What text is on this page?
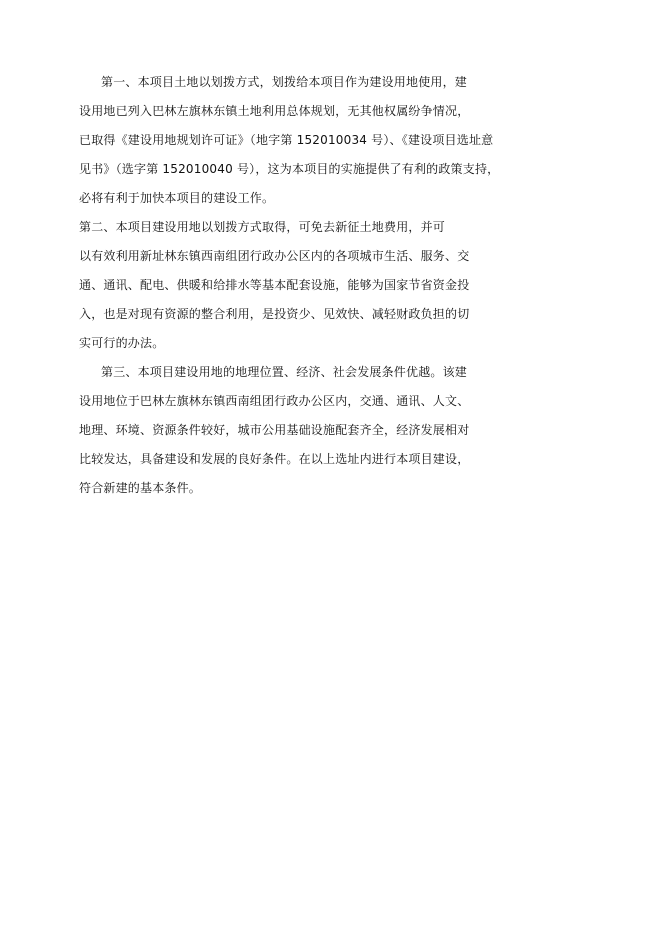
第一、本项目土地以划拨方式，划拨给本项目作为建设用地使用，建
设用地已列入巴林左旗林东镇土地利用总体规划，无其他权属纷争情况，
已取得《建设用地规划许可证》（地字第 152010034 号）、《建设项目选址意
见书》（选字第 152010040 号），这为本项目的实施提供了有利的政策支持，
必将有利于加快本项目的建设工作。
第二、本项目建设用地以划拨方式取得，可免去新征土地费用，并可
以有效利用新址林东镇西南组团行政办公区内的各项城市生活、服务、交
通、通讯、配电、供暖和给排水等基本配套设施，能够为国家节省资金投
入，也是对现有资源的整合利用，是投资少、见效快、减轻财政负担的切
实可行的办法。
第三、本项目建设用地的地理位置、经济、社会发展条件优越。该建
设用地位于巴林左旗林东镇西南组团行政办公区内，交通、通讯、人文、
地理、环境、资源条件较好，城市公用基础设施配套齐全，经济发展相对
比较发达，具备建设和发展的良好条件。在以上选址内进行本项目建设，
符合新建的基本条件。
